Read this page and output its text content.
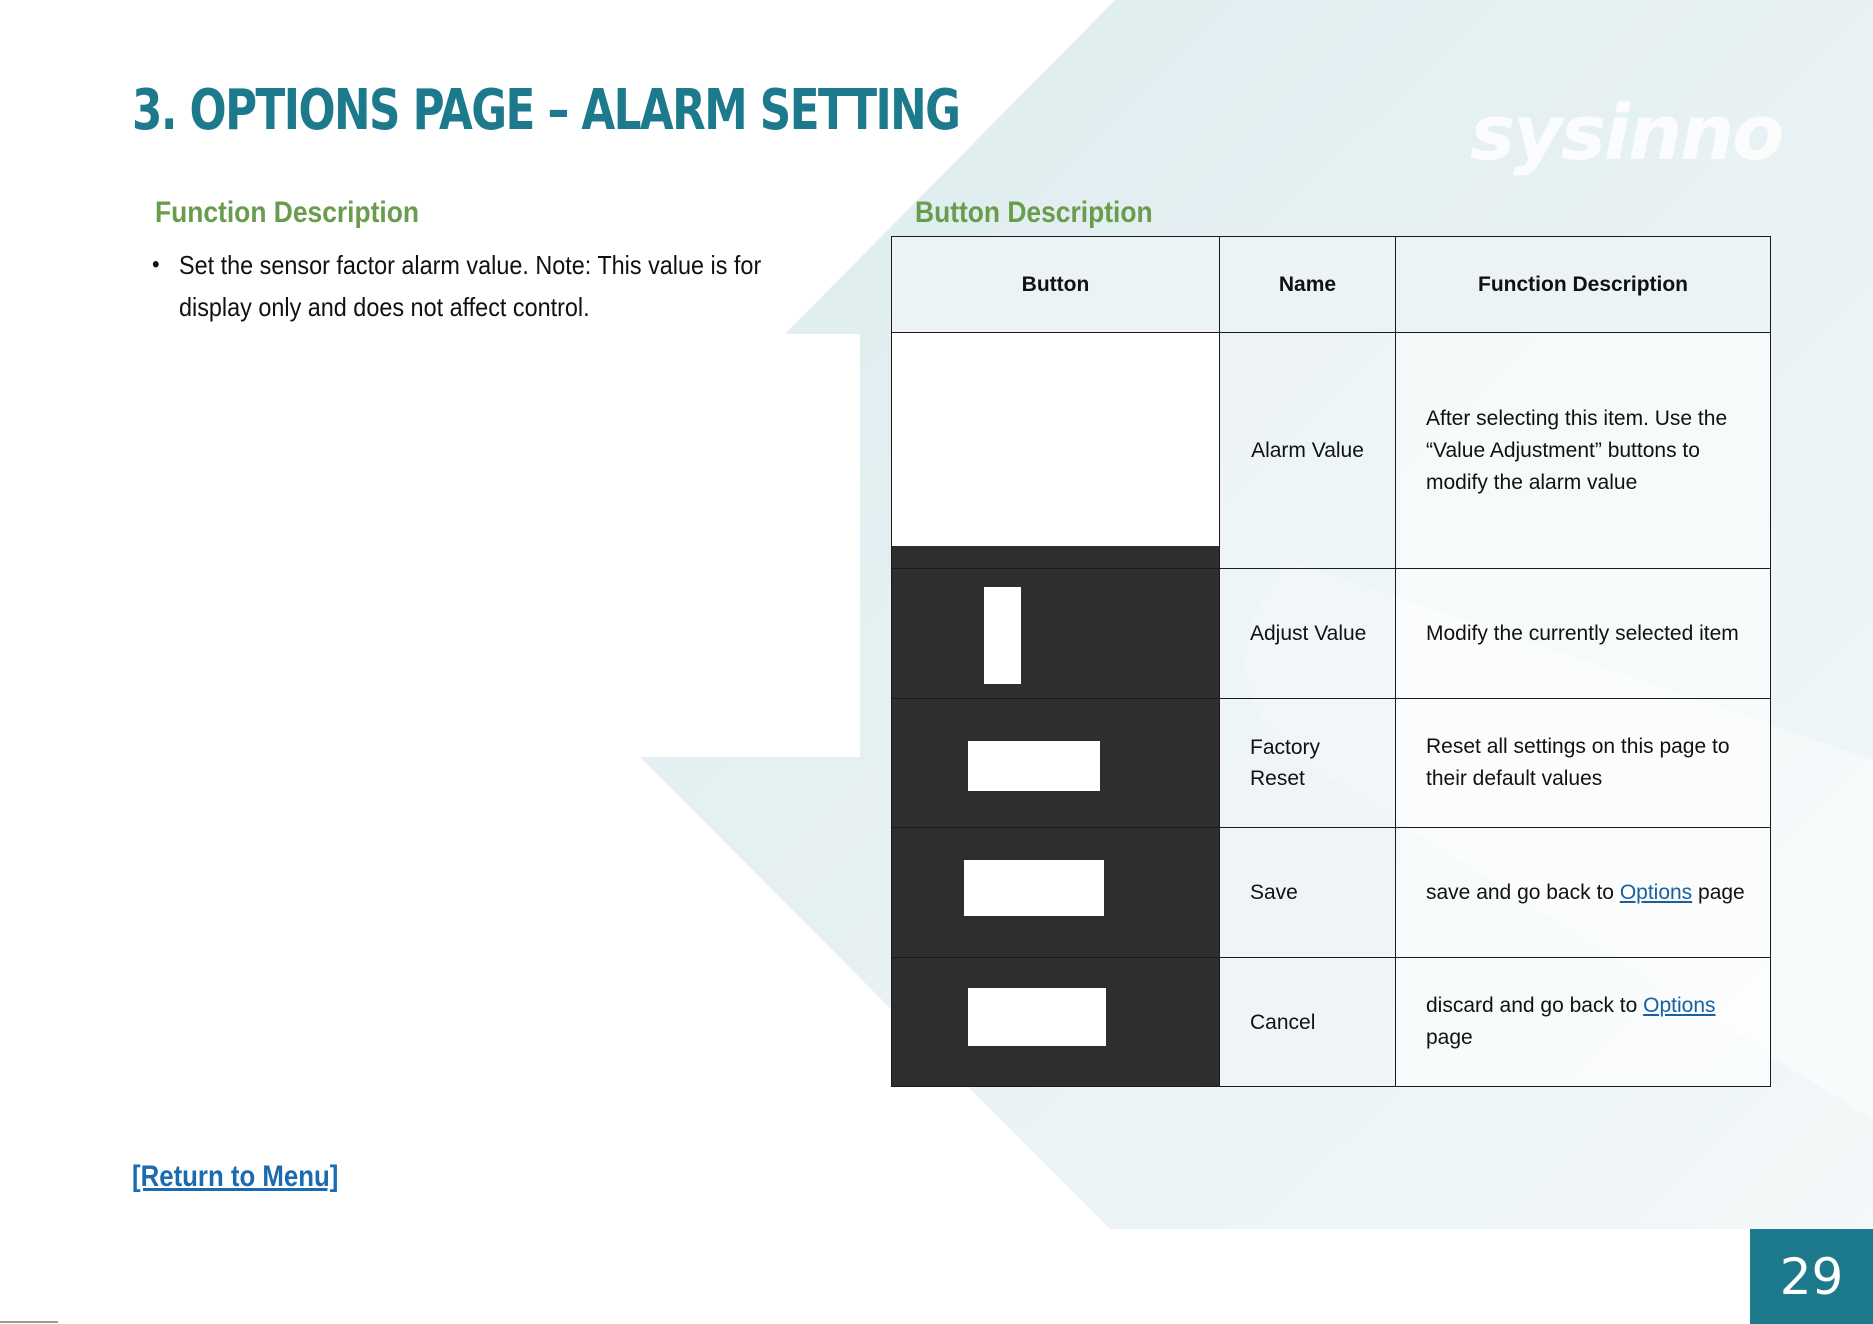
sysinno
3. OPTIONS PAGE – ALARM SETTING
Function Description
• Set the sensor factor alarm value. Note: This value is for display only and does not affect control.
Button Description
Button	Name	Function Description

	Alarm Value	After selecting this item. Use the “Value Adjustment” buttons to modify the alarm value

	Adjust Value	Modify the currently selected item

	Factory Reset	Reset all settings on this page to their default values

	Save	save and go back to Options page

	Cancel	discard and go back to Options page
[Return to Menu]
29
